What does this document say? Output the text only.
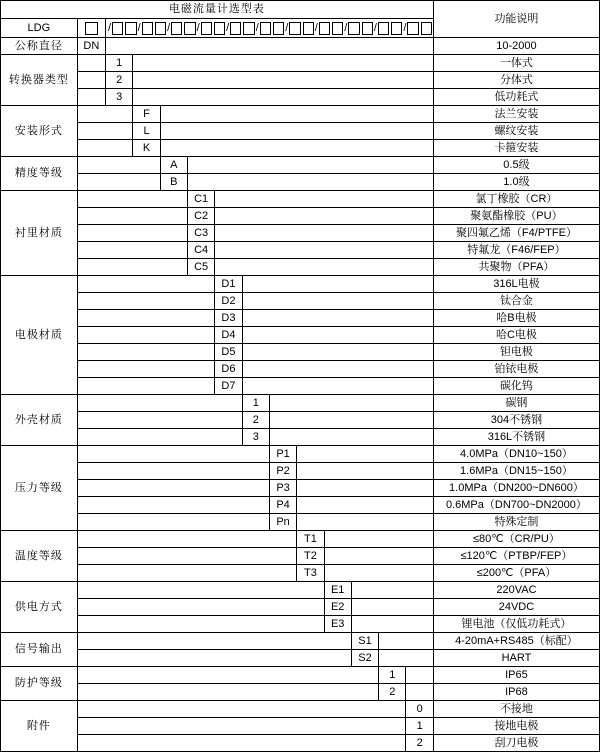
电磁流量计选型表														功能说明
LDG		/ / / / / / / / / / /

公称直径	DN													10-2000
转换器类型		1												一体式
		2												分体式
		3												低功耗式
安装形式			F											法兰安装
			L											螺纹安装
			K											卡箍安装
精度等级				A										0.5级
				B										1.0级
衬里材质					C1									氯丁橡胶（CR）
					C2									聚氨酯橡胶（PU）
					C3									聚四氟乙烯（F4/PTFE）
					C4									特氟龙（F46/FEP）
					C5									共聚物（PFA）
电极材质						D1								316L电极
						D2								钛合金
						D3								哈B电极
						D4								哈C电极
						D5								钽电极
						D6								铂铱电极
						D7								碳化钨
外壳材质							1							碳钢
							2							304不锈钢
							3							316L不锈钢
压力等级								P1						4.0MPa（DN10~150）
								P2						1.6MPa（DN15~150）
								P3						1.0MPa（DN200~DN600）
								P4						0.6MPa（DN700~DN2000）
								Pn						特殊定制
温度等级									T1					≤80℃（CR/PU）
									T2					≤120℃（PTBP/FEP）
									T3					≤200℃（PFA）
供电方式										E1				220VAC
										E2				24VDC
										E3				锂电池（仅低功耗式）
信号输出											S1			4-20mA+RS485（标配）
											S2			HART
防护等级												1		IP65
												2		IP68
附件													0	不接地
													1	接地电极
													2	刮刀电极
